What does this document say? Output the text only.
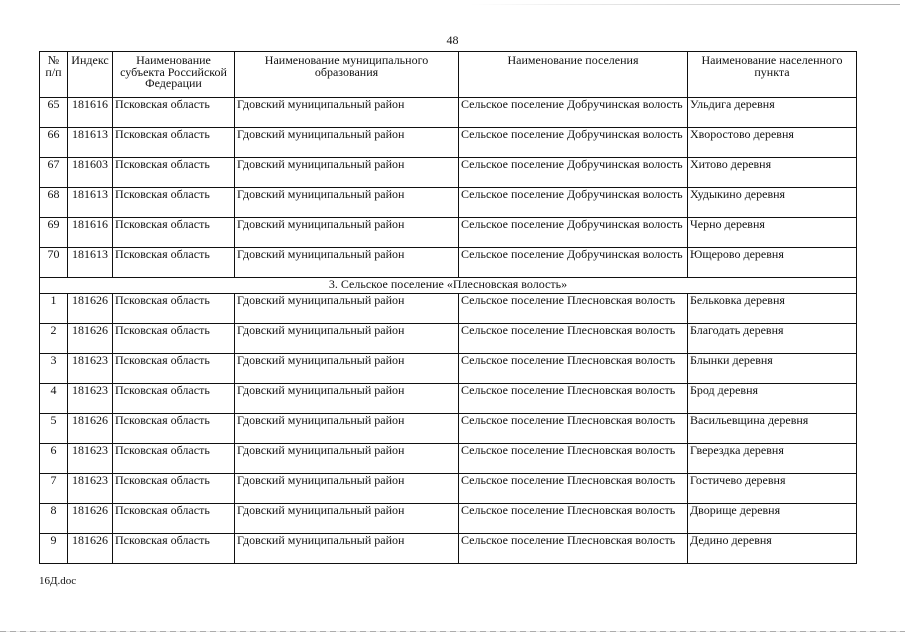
48
№ п/п	Индекс	Наименование субъекта Российской Федерации	Наименование муниципального образования	Наименование поселения	Наименование населенного пункта
65	181616	Псковская область	Гдовский муниципальный район	Сельское поселение Добручинская волость	Ульдига деревня
66	181613	Псковская область	Гдовский муниципальный район	Сельское поселение Добручинская волость	Хворостово деревня
67	181603	Псковская область	Гдовский муниципальный район	Сельское поселение Добручинская волость	Хитово деревня
68	181613	Псковская область	Гдовский муниципальный район	Сельское поселение Добручинская волость	Худыкино деревня
69	181616	Псковская область	Гдовский муниципальный район	Сельское поселение Добручинская волость	Черно деревня
70	181613	Псковская область	Гдовский муниципальный район	Сельское поселение Добручинская волость	Ющерово деревня
3. Сельское поселение «Плесновская волость»					
1	181626	Псковская область	Гдовский муниципальный район	Сельское поселение Плесновская волость	Бельковка деревня
2	181626	Псковская область	Гдовский муниципальный район	Сельское поселение Плесновская волость	Благодать деревня
3	181623	Псковская область	Гдовский муниципальный район	Сельское поселение Плесновская волость	Блынки деревня
4	181623	Псковская область	Гдовский муниципальный район	Сельское поселение Плесновская волость	Брод деревня
5	181626	Псковская область	Гдовский муниципальный район	Сельское поселение Плесновская волость	Васильевщина деревня
6	181623	Псковская область	Гдовский муниципальный район	Сельское поселение Плесновская волость	Гверездка деревня
7	181623	Псковская область	Гдовский муниципальный район	Сельское поселение Плесновская волость	Гостичево деревня
8	181626	Псковская область	Гдовский муниципальный район	Сельское поселение Плесновская волость	Дворище деревня
9	181626	Псковская область	Гдовский муниципальный район	Сельское поселение Плесновская волость	Дедино деревня
16Д.doc
